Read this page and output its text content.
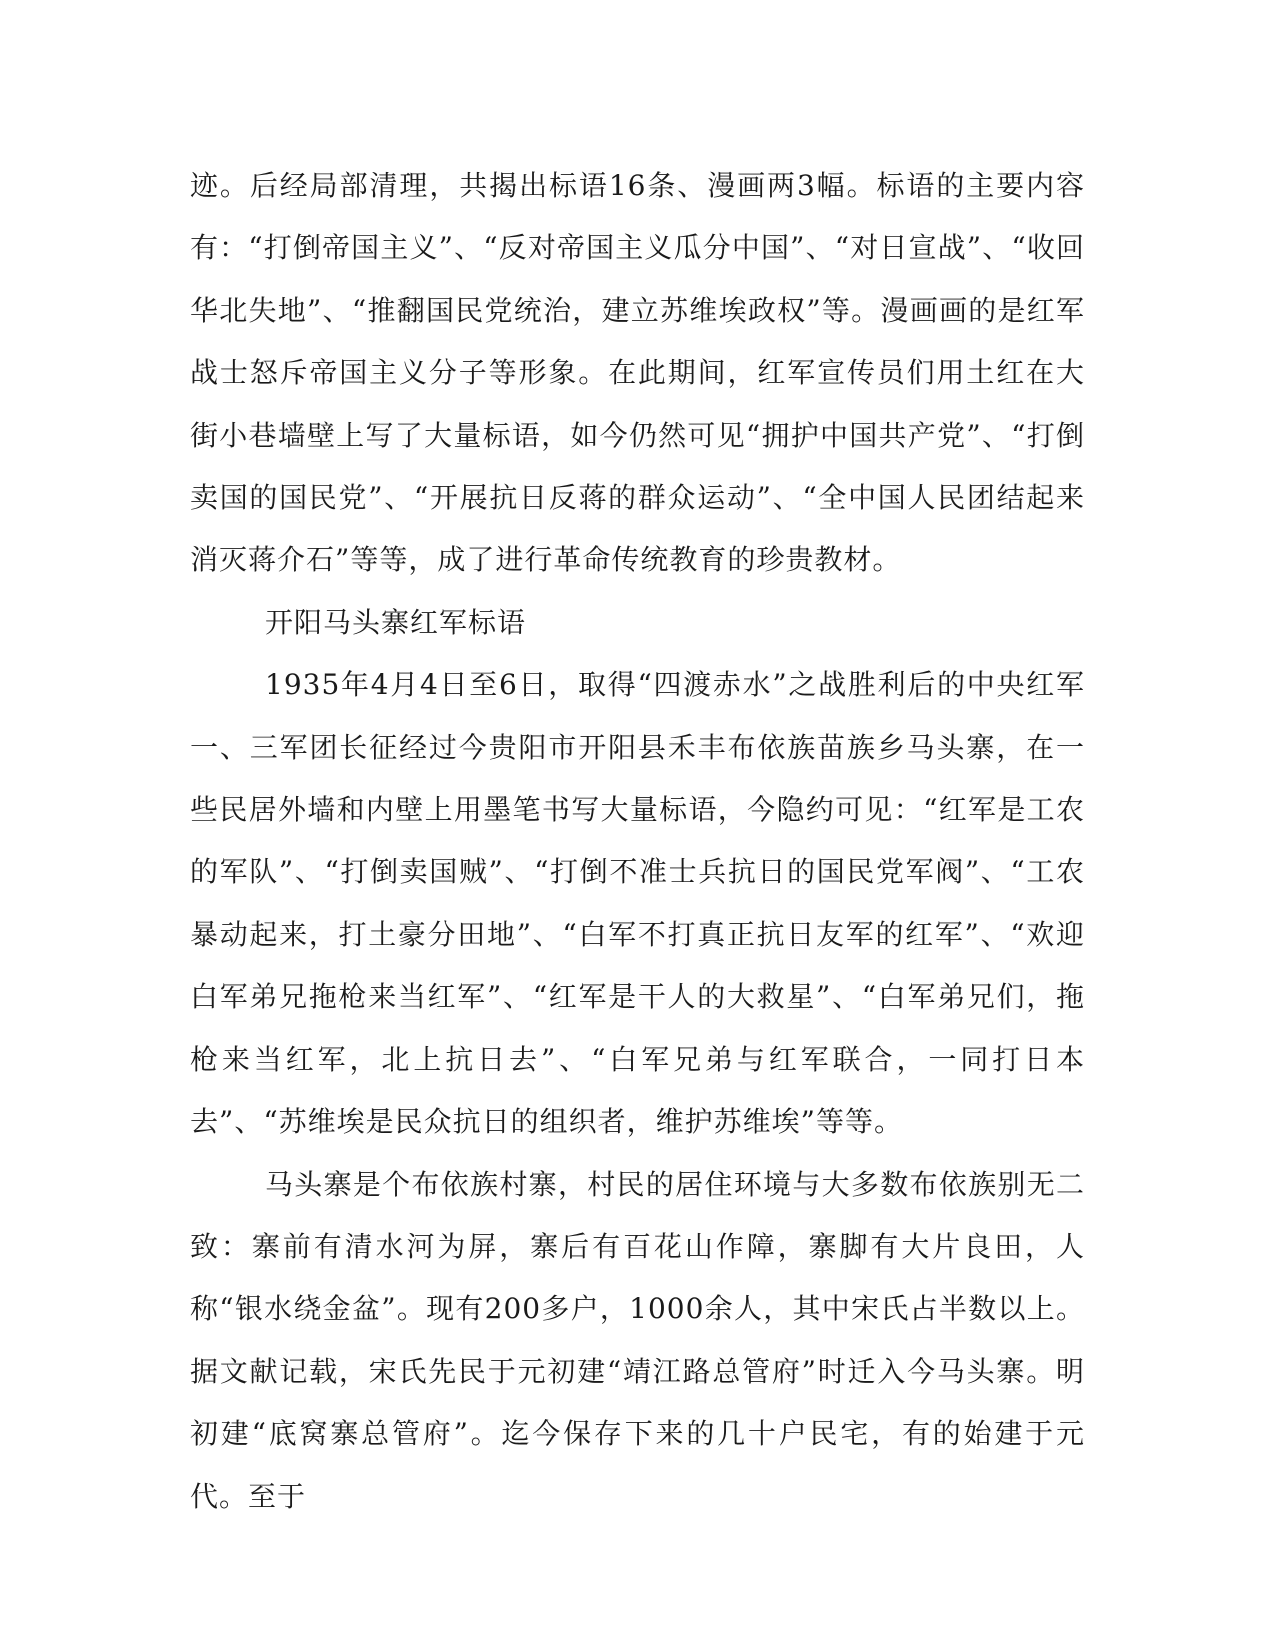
迹。后经局部清理，共揭出标语16条、漫画两3幅。标语的主要内容有：“打倒帝国主义”、“反对帝国主义瓜分中国”、“对日宣战”、“收回华北失地”、“推翻国民党统治，建立苏维埃政权”等。漫画画的是红军战士怒斥帝国主义分子等形象。在此期间，红军宣传员们用土红在大街小巷墙壁上写了大量标语，如今仍然可见“拥护中国共产党”、“打倒卖国的国民党”、“开展抗日反蒋的群众运动”、“全中国人民团结起来消灭蒋介石”等等，成了进行革命传统教育的珍贵教材。

开阳马头寨红军标语

1935年4月4日至6日，取得“四渡赤水”之战胜利后的中央红军一、三军团长征经过今贵阳市开阳县禾丰布依族苗族乡马头寨，在一些民居外墙和内壁上用墨笔书写大量标语，今隐约可见：“红军是工农的军队”、“打倒卖国贼”、“打倒不准士兵抗日的国民党军阀”、“工农暴动起来，打土豪分田地”、“白军不打真正抗日友军的红军”、“欢迎白军弟兄拖枪来当红军”、“红军是干人的大救星”、“白军弟兄们，拖枪来当红军，北上抗日去”、“白军兄弟与红军联合，一同打日本去”、“苏维埃是民众抗日的组织者，维护苏维埃”等等。

马头寨是个布依族村寨，村民的居住环境与大多数布依族别无二致：寨前有清水河为屏，寨后有百花山作障，寨脚有大片良田，人称“银水绕金盆”。现有200多户，1000余人，其中宋氏占半数以上。据文献记载，宋氏先民于元初建“靖江路总管府”时迁入今马头寨。明初建“底窝寨总管府”。迄今保存下来的几十户民宅，有的始建于元代。至于
